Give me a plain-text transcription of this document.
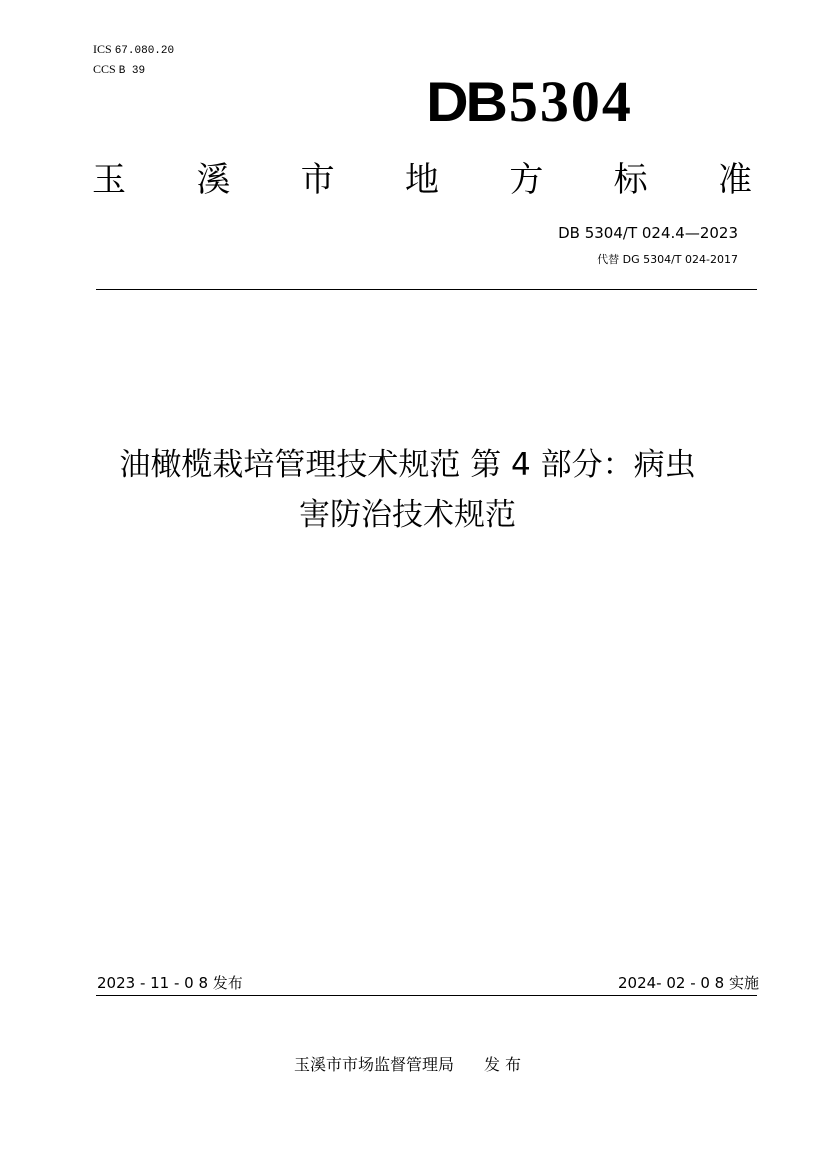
ICS 67.080.20
CCS B 39	DB5304
玉 溪 市 地 方 标 准
DB 5304/T 024.4—2023
代替 DG 5304/T 024-2017
油橄榄栽培管理技术规范 第 4 部分：病虫
害防治技术规范
2023 - 11 - 0 8 发布	2024- 02 - 0 8 实施
玉溪市市场监督管理局 发 布
